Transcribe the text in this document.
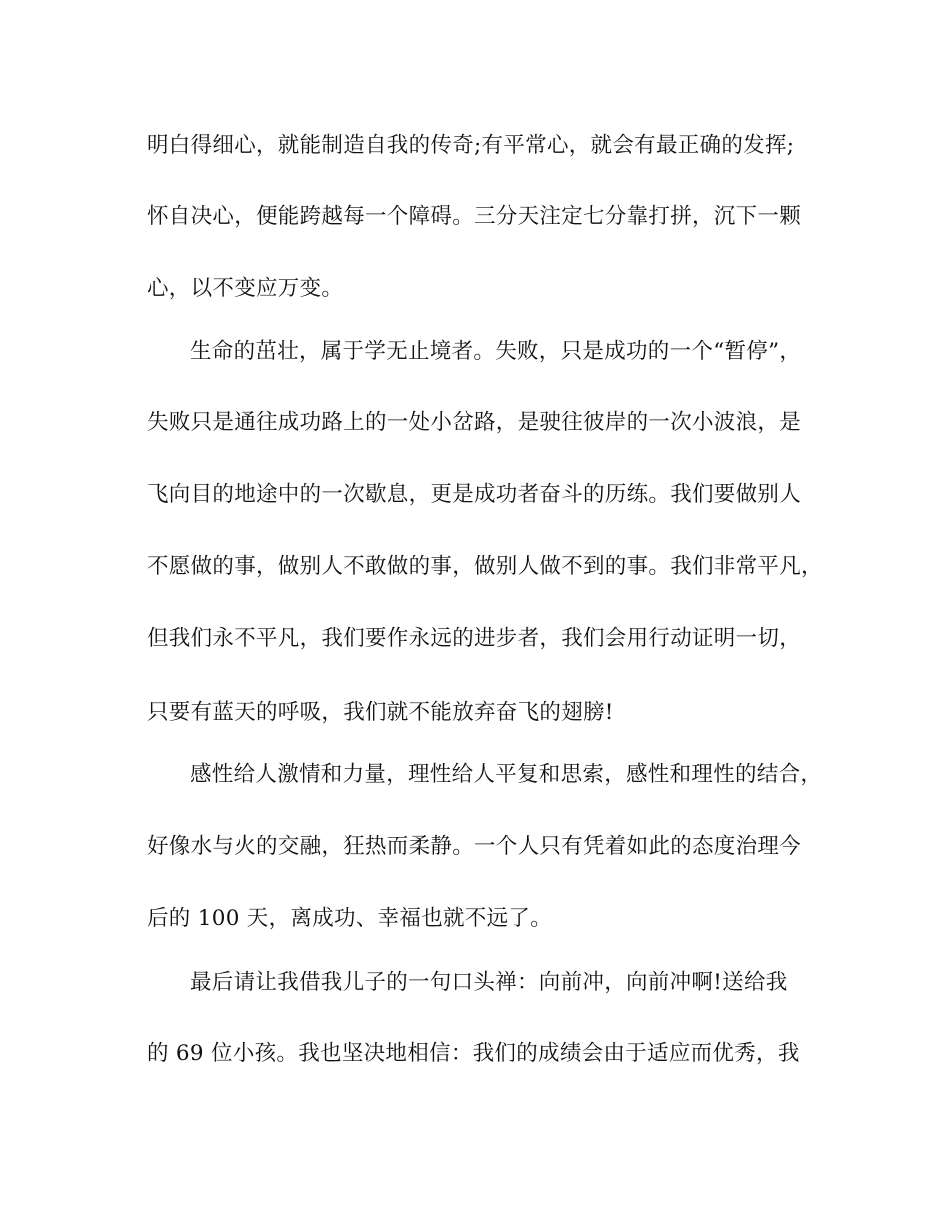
明白得细心，就能制造自我的传奇;有平常心，就会有最正确的发挥;
怀自决心，便能跨越每一个障碍。三分天注定七分靠打拼，沉下一颗
心，以不变应万变。
生命的茁壮，属于学无止境者。失败，只是成功的一个“暂停”，
失败只是通往成功路上的一处小岔路，是驶往彼岸的一次小波浪，是
飞向目的地途中的一次歇息，更是成功者奋斗的历练。我们要做别人
不愿做的事，做别人不敢做的事，做别人做不到的事。我们非常平凡，
但我们永不平凡，我们要作永远的进步者，我们会用行动证明一切，
只要有蓝天的呼吸，我们就不能放弃奋飞的翅膀!
感性给人激情和力量，理性给人平复和思索，感性和理性的结合，
好像水与火的交融，狂热而柔静。一个人只有凭着如此的态度治理今
后的 100 天，离成功、幸福也就不远了。
最后请让我借我儿子的一句口头禅：向前冲，向前冲啊!送给我
的 69 位小孩。我也坚决地相信：我们的成绩会由于适应而优秀，我
